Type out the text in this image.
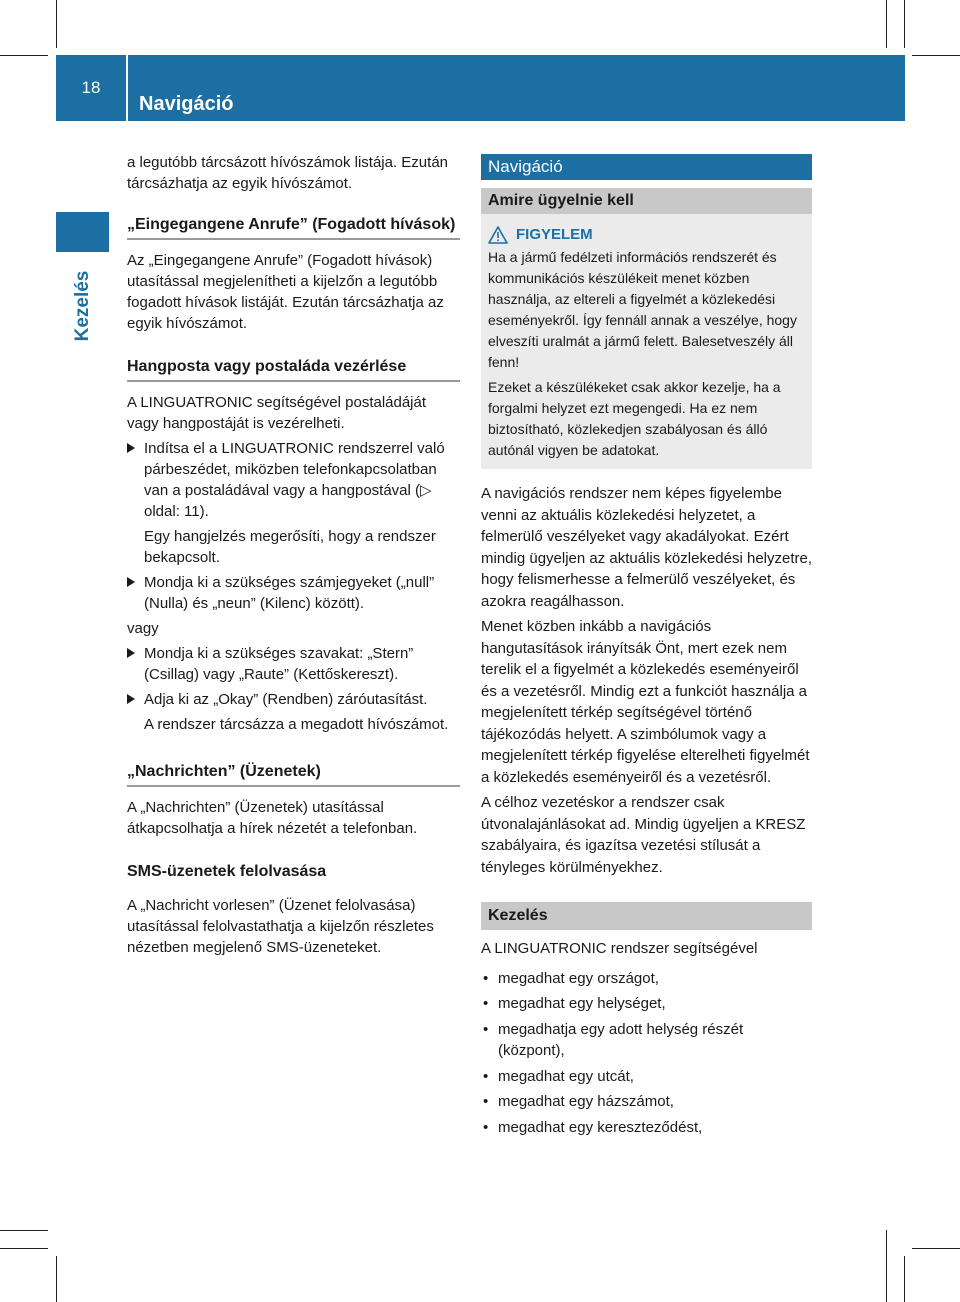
18
Navigáció
Kezelés

a legutóbb tárcsázott hívószámok listája. Ezután tárcsázhatja az egyik hívószámot.

„Eingegangene Anrufe” (Fogadott hívások)

Az „Eingegangene Anrufe” (Fogadott hívások) utasítással megjelenítheti a kijelzőn a legutóbb fogadott hívások listáját. Ezután tárcsázhatja az egyik hívószámot.

Hangposta vagy postaláda vezérlése

A LINGUATRONIC segítségével postaládáját vagy hangpostáját is vezérelheti.

Indítsa el a LINGUATRONIC rendszerrel való párbeszédet, miközben telefonkapcsolatban van a postaládával vagy a hangpostával (▷ oldal: 11).
Egy hangjelzés megerősíti, hogy a rendszer bekapcsolt.
Mondja ki a szükséges számjegyeket („null” (Nulla) és „neun” (Kilenc) között).

vagy

Mondja ki a szükséges szavakat: „Stern” (Csillag) vagy „Raute” (Kettőskereszt).
Adja ki az „Okay” (Rendben) záróutasítást.
A rendszer tárcsázza a megadott hívószámot.
„Nachrichten” (Üzenetek)

A „Nachrichten” (Üzenetek) utasítással átkapcsolhatja a hírek nézetét a telefonban.

SMS-üzenetek felolvasása

A „Nachricht vorlesen” (Üzenet felolvasása) utasítással felolvastathatja a kijelzőn részletes nézetben megjelenő SMS-üzeneteket.

Navigáció
Amire ügyelnie kell
FIGYELEM

Ha a jármű fedélzeti információs rendszerét és kommunikációs készülékeit menet közben használja, az eltereli a figyelmét a közlekedési eseményekről. Így fennáll annak a veszélye, hogy elveszíti uralmát a jármű felett. Balesetveszély áll fenn!

Ezeket a készülékeket csak akkor kezelje, ha a forgalmi helyzet ezt megengedi. Ha ez nem biztosítható, közlekedjen szabályosan és álló autónál vigyen be adatokat.

A navigációs rendszer nem képes figyelembe venni az aktuális közlekedési helyzetet, a felmerülő veszélyeket vagy akadályokat. Ezért mindig ügyeljen az aktuális közlekedési helyzetre, hogy felismerhesse a felmerülő veszélyeket, és azokra reagálhasson.

Menet közben inkább a navigációs hangutasítások irányítsák Önt, mert ezek nem terelik el a figyelmét a közlekedés eseményeiről és a vezetésről. Mindig ezt a funkciót használja a megjelenített térkép segítségével történő tájékozódás helyett. A szimbólumok vagy a megjelenített térkép figyelése elterelheti figyelmét a közlekedés eseményeiről és a vezetésről.

A célhoz vezetéskor a rendszer csak útvonalajánlásokat ad. Mindig ügyeljen a KRESZ szabályaira, és igazítsa vezetési stílusát a tényleges körülményekhez.

Kezelés

A LINGUATRONIC rendszer segítségével

• megadhat egy országot,
• megadhat egy helységet,
• megadhatja egy adott helység részét (központ),
• megadhat egy utcát,
• megadhat egy házszámot,
• megadhat egy kereszteződést,
